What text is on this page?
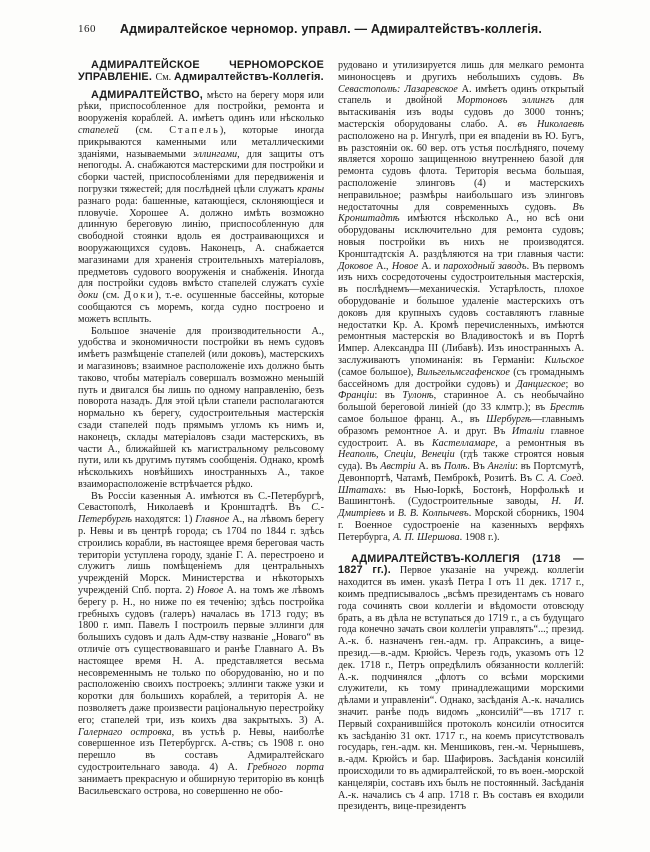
160	Адмиралтейское черномор. управл. — Адмиралтействъ-коллегія.

АДМИРАЛТЕЙСКОЕ ЧЕРНОМОРСКОЕ УПРАВЛЕНІЕ. См. Адмиралтействъ-Коллегія.

АДМИРАЛТЕЙСТВО, мѣсто на берегу моря или рѣки, приспособленное для постройки, ремонта и вооруженія кораблей. А. имѣетъ одинъ или нѣсколько стапелей (см. Стапель), которые иногда прикрываются каменными или металлическими зданіями, называемыми эллингами, для защиты отъ непогоды. А. снабжаются мастерскими для постройки и сборки частей, приспособленіями для передвиженія и погрузки тяжестей; для послѣдней цѣли служатъ краны разнаго рода: башенные, катающіеся, склоняющіеся и пловучіе. Хорошее А. должно имѣть возможно длинную береговую линію, приспособленную для свободной стоянки вдоль ея достраивающихся и вооружающихся судовъ. Наконецъ, А. снабжается магазинами для храненія строительныхъ матеріаловъ, предметовъ судового вооруженія и снабженія. Иногда для постройки судовъ вмѣсто стапелей служатъ сухіе доки (см. Доки), т.-е. осушенные бассейны, которые сообщаются съ моремъ, когда судно построено и можетъ всплыть.

Большое значеніе для производительности А., удобства и экономичности постройки въ немъ судовъ имѣетъ размѣщеніе стапелей (или доковъ), мастерскихъ и магазиновъ; взаимное расположеніе ихъ должно быть таково, чтобы матеріалъ совершалъ возможно меньшій путь и двигался бы лишь по одному направленію, безъ поворота назадъ. Для этой цѣли стапели располагаются нормально къ берегу, судостроительныя мастерскія сзади стапелей подъ прямымъ угломъ къ нимъ и, наконецъ, склады матеріаловъ сзади мастерскихъ, въ части А., ближайшей къ магистральному рельсовому пути, или къ другимъ путямъ сообщенія. Однако, кромѣ нѣсколькихъ новѣйшихъ иностранныхъ А., такое взаиморасположеніе встрѣчается рѣдко.

Въ Россіи казенныя А. имѣются въ С.-Петербургѣ, Севастополѣ, Николаевѣ и Кронштадтѣ. Въ С.-Петербургѣ находятся: 1) Главное А., на лѣвомъ берегу р. Невы и въ центрѣ города; съ 1704 по 1844 г. здѣсь строились корабли, въ настоящее время береговая часть територіи уступлена городу, зданіе Г. А. перестроено и служитъ лишь помѣщеніемъ для центральныхъ учрежденій Морск. Министерства и нѣкоторыхъ учрежденій Спб. порта. 2) Новое А. на томъ же лѣвомъ берегу р. Н., но ниже по ея теченію; здѣсь постройка гребныхъ судовъ (галеръ) началась въ 1713 году; въ 1800 г. имп. Павелъ I построилъ первые эллинги для большихъ судовъ и далъ Адм-ству названіе „Новаго“ въ отличіе отъ существовавшаго и ранѣе Главнаго А. Въ настоящее время Н. А. представляется весьма несовременнымъ не только по оборудованію, но и по расположенію своихъ построекъ; эллинги также узки и коротки для большихъ кораблей, а територія А. не позволяетъ даже произвести раціональную перестройку его; стапелей три, изъ коихъ два закрытыхъ. 3) А. Галернаго островка, въ устьѣ р. Невы, наиболѣе совершенное изъ Петербургск. А-ствъ; съ 1908 г. оно перешло въ составъ Адмиралтейскаго судостроительнаго завода. 4) А. Гребного порта занимаетъ прекрасную и обширную територію въ концѣ Васильевскаго острова, но совершенно не обо-

рудовано и утилизируется лишь для мелкаго ремонта миноносцевъ и другихъ небольшихъ судовъ. Въ Севастополѣ: Лазаревское А. имѣетъ одинъ открытый стапель и двойной Мортоновъ эллингъ для вытаскиванія изъ воды судовъ до 3000 тоннъ; мастерскія оборудованы слабо. А. въ Николаевѣ расположено на р. Ингулѣ, при ея впаденіи въ Ю. Бугъ, въ разстояніи ок. 60 вер. отъ устья послѣдняго, почему является хорошо защищенною внутреннею базой для ремонта судовъ флота. Територія весьма большая, расположеніе элинговъ (4) и мастерскихъ неправильное; размѣры наибольшаго изъ элинговъ недостаточны для современныхъ судовъ. Въ Кронштадтѣ имѣются нѣсколько А., но всѣ они оборудованы исключительно для ремонта судовъ; новыя постройки въ нихъ не производятся. Кронштадтскія А. раздѣляются на три главныя части: Доковое А., Новое А. и пароходный заводъ. Въ первомъ изъ нихъ сосредоточены судостроительныя мастерскія, въ послѣднемъ—механическія. Устарѣлость, плохое оборудованіе и большое удаленіе мастерскихъ отъ доковъ для крупныхъ судовъ составляютъ главные недостатки Кр. А. Кромѣ перечисленныхъ, имѣются ремонтныя мастерскія во Владивостокѣ и въ Портѣ Импер. Александра III (Либавѣ). Изъ иностранныхъ А. заслуживаютъ упоминанія: въ Германіи: Кильское (самое большое), Вильгельмсгафенское (съ громаднымъ бассейномъ для достройки судовъ) и Данцигское; во Франціи: въ Тулонѣ, старинное А. съ необычайно большой береговой линіей (до 33 клмтр.); въ Брестѣ самое большое франц. А., въ Шербургѣ—главнымъ образомъ ремонтное А. и друг. Въ Италіи главное судостроит. А. въ Кастелламаре, а ремонтныя въ Неаполѣ, Спеціи, Венеціи (гдѣ также строятся новыя суда). Въ Австріи А. въ Полѣ. Въ Англіи: въ Портсмутѣ, Девонпортѣ, Чатамѣ, Пемброкѣ, Розитѣ. Въ С. А. Соед. Штатахъ: въ Нью-Іоркѣ, Бостонѣ, Норфолькѣ и Вашингтонѣ. (Судостроительные заводы, Н. И. Дмитріевъ и В. В. Колпычевъ. Морской сборникъ, 1904 г. Военное судостроеніе на казенныхъ верфяхъ Петербурга, А. П. Шершова. 1908 г.).

АДМИРАЛТЕЙСТВЪ-КОЛЛЕГІЯ (1718 — 1827 гг.). Первое указаніе на учрежд. коллегіи находится въ имен. указѣ Петра I отъ 11 дек. 1717 г., коимъ предписывалось „всѣмъ президентамъ съ новаго года сочинять свои коллегіи и вѣдомости отовсюду брать, а въ дѣла не вступаться до 1719 г., а съ будущаго года конечно зачать свои коллегіи управлять“...; презид. А.-к. б. назначенъ ген.-адм. гр. Апраксинъ, а вице-презид.—в.-адм. Крюйсъ. Черезъ годъ, указомъ отъ 12 дек. 1718 г., Петръ опредѣлилъ обязанности коллегій: А.-к. подчинялся „флотъ со всѣми морскими служители, къ тому принадлежащими морскими дѣлами и управленіи“. Однако, засѣданія А.-к. начались значит. ранѣе подъ видомъ „консилій“—въ 1717 г. Первый сохранившійся протоколъ консиліи относится къ засѣданію 31 окт. 1717 г., на коемъ присутствовалъ государь, ген.-адм. кн. Меншиковъ, ген.-м. Чернышевъ, в.-адм. Крюйсъ и бар. Шафировъ. Засѣданія консилій происходили то въ адмиралтейской, то въ воен.-морской канцеляріи, составъ ихъ былъ не постоянный. Засѣданія А.-к. начались съ 4 апр. 1718 г. Въ составъ ея входили президентъ, вице-президентъ
